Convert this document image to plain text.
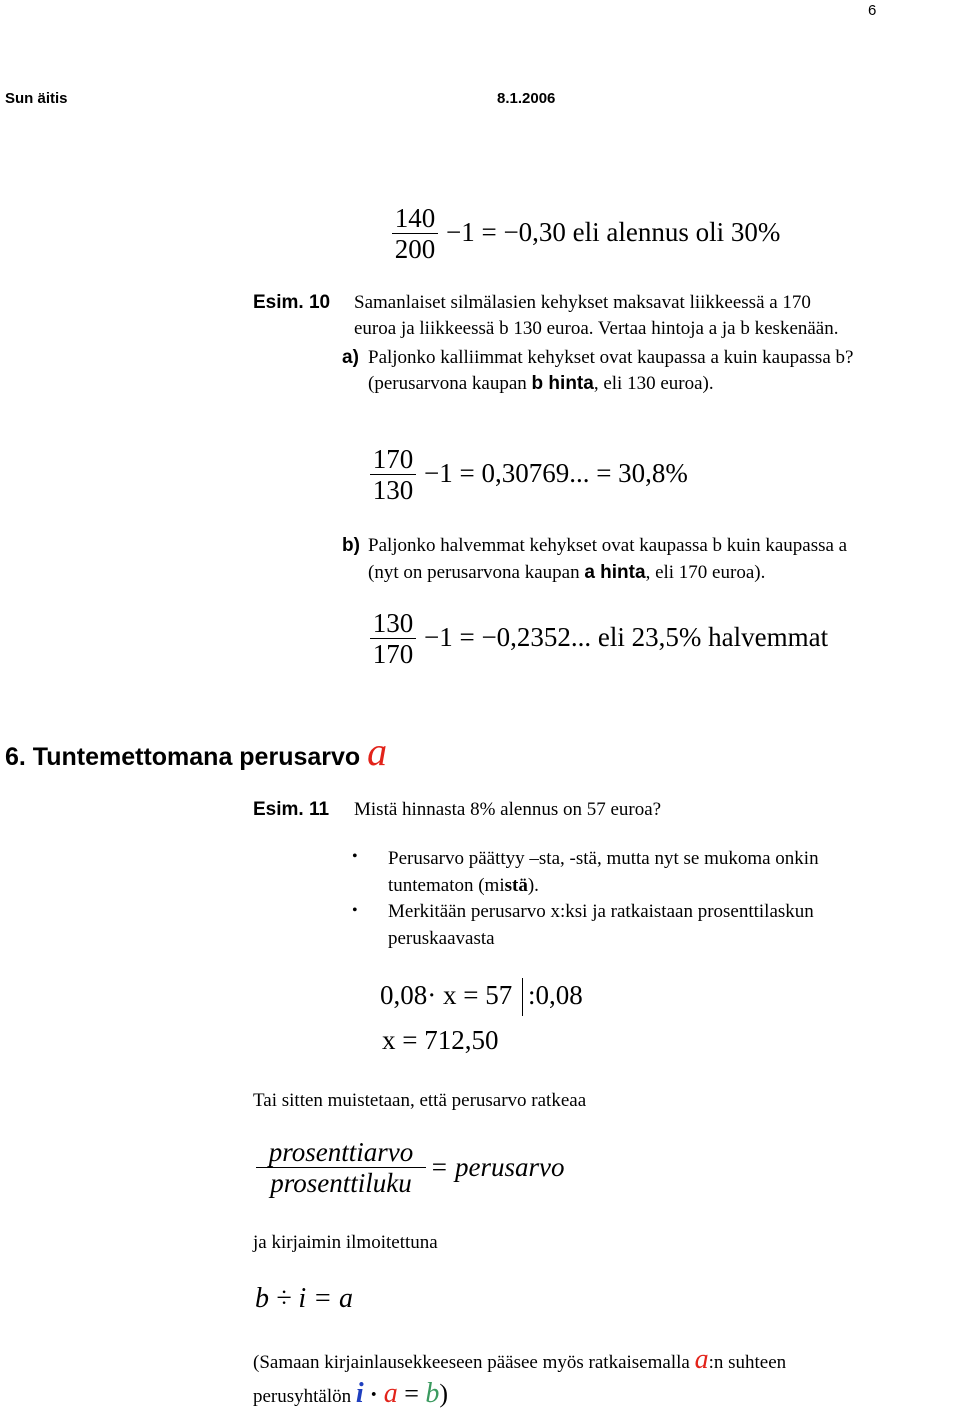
6
Sun äitis	8.1.2006
$\frac{140}{200} -1 = -0,30$ eli alennus oli 30%
Esim. 10 Samanlaiset silmälasien kehykset maksavat liikkeessä a 170
euroa ja liikkeessä b 130 euroa. Vertaa hintoja a ja b keskenään.
a) Paljonko kalliimmat kehykset ovat kaupassa a kuin kaupassa b?
(perusarvona kaupan b hinta, eli 130 euroa).
$\frac{170}{130} -1 = 0,30769$... = 30,8%
b) Paljonko halvemmat kehykset ovat kaupassa b kuin kaupassa a
(nyt on perusarvona kaupan a hinta, eli 170 euroa).
$\frac{130}{170} -1 = -0,2352$... eli 23,5% halvemmat
6. Tuntemettomana perusarvo a
Esim. 11 Mistä hinnasta 8% alennus on 57 euroa?
• Perusarvo päättyy –sta, -stä, mutta nyt se mukoma onkin
tuntematon (mistä).
• Merkitään perusarvo x:ksi ja ratkaistaan prosenttilaskun
peruskaavasta
0,08· x = 57 :0,08
x = 712,50
Tai sitten muistetaan, että perusarvo ratkeaa
prosenttiarvo
prosenttiluku
= perusarvo
ja kirjaimin ilmoitettuna
b ÷ i = a
(Samaan kirjainlausekkeeseen pääsee myös ratkaisemalla a:n suhteen
perusyhtälön i · a = b)
